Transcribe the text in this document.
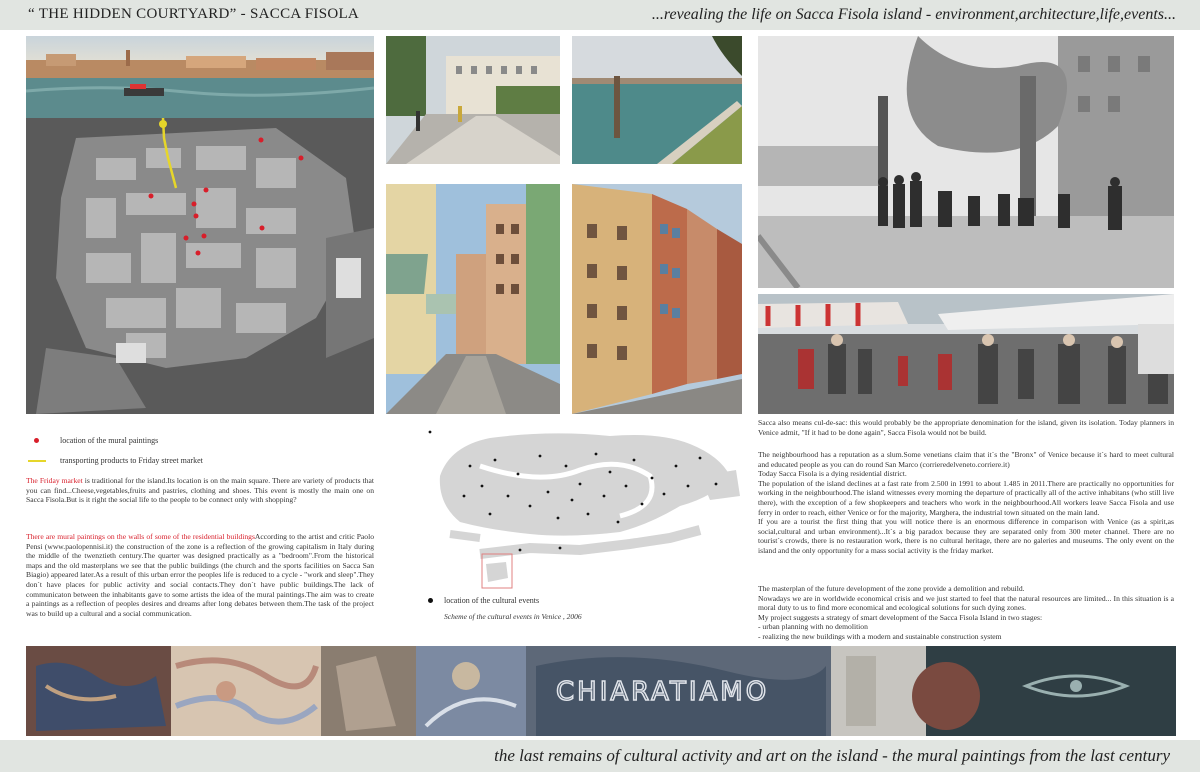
“ THE HIDDEN COURTYARD” - SACCA FISOLA	...revealing the life on Sacca Fisola island - environment,architecture,life,events...
location of the mural paintings
transporting products to Friday street market
The Friday market is traditional for the island.Its location is on the main square. There are variety of products that you can find...Cheese,vegetables,fruits and pastries, clothing and shoes. This event is mostly the main one on Sacca Fisola.But is it right the social life to the people to be connect only with shopping?
There are mural paintings on the walls of some of the residential buildingsAccording to the artist and critic Paolo Pensi (www.paolopennisi.it) the construction of the zone is a reflection of the growing capitalism in Italy during the middle of the twenztieth century.The quarter was designed practically as a "bedroom".From the historical maps and the old masterplans we see that the public buildings (the church and the sports facilities on Sacca San Biagio) appeared later.As a result of this urban error the peoples life is reduced to a cycle - "work and sleep".They don`t have places for public activity and social contacts.They don`t have public buildings.The lack of communicaton between the inhabitants gave to some artists the idea of the mural paintings.The aim was to create a paintings as a reflection of peoples desires and dreams after long debates between them.The task of the project was to build up a cultural and a social communication.
location of the cultural events
Scheme of the cultural events in Venice , 2006
Sacca also means cul-de-sac: this would probably be the appropriate denomination for the island, given its isolation. Today planners in Venice admit, "If it had to be done again", Sacca Fisola would not be build.
The neighbourhood has a reputation as a slum.Some venetians claim that it`s the "Bronx" of Venice because it`s hard to meet cultural and educated people as you can do round San Marco (corrieredelveneto.corriere.it)
Today Sacca Fisola is a dying residential district.
The population of the island declines at a fast rate from 2.500 in 1991 to about 1.485 in 2011.There are practically no opportunities for working in the neighbourhood.The island witnesses every morning the departure of practically all of the active inhabitans (who still live there), with the exception of a few shopkeepers and teachers who work in the neighbourhood.All workers leave Sacca Fisola and use ferry in order to reach, either Venice or for the majority, Marghera, the industrial town situated on the main land.
If you are a tourist the first thing that you will notice there is an enormous difference in comparison with Venice (as a spirit,as social,cultural and urban environment)...It`s a big paradox because they are separated only from 300 meter channel. There are no tourist`s crowds, there is no restauration work, there is no cultural heritage, there are no galeries and museums. The only event on the island and the only opportunity for a mass social activity is the friday market.
The masterplan of the future development of the zone provide a demolition and rebuild.
Nowadays we are in worldwide economical crisis and we just started to feel that the natural resources are limited... In this situation is a moral duty to us to find more economical and ecological solutions for such dying zones.
My project suggests a strategy of smart development of the Sacca Fisola Island in two stages:
- urban planning with no demolition
- realizing the new buildings with a modern and sustainable construction system
CHIARATIAMO
the last remains of cultural activity and art on the island - the mural paintings from the last century
